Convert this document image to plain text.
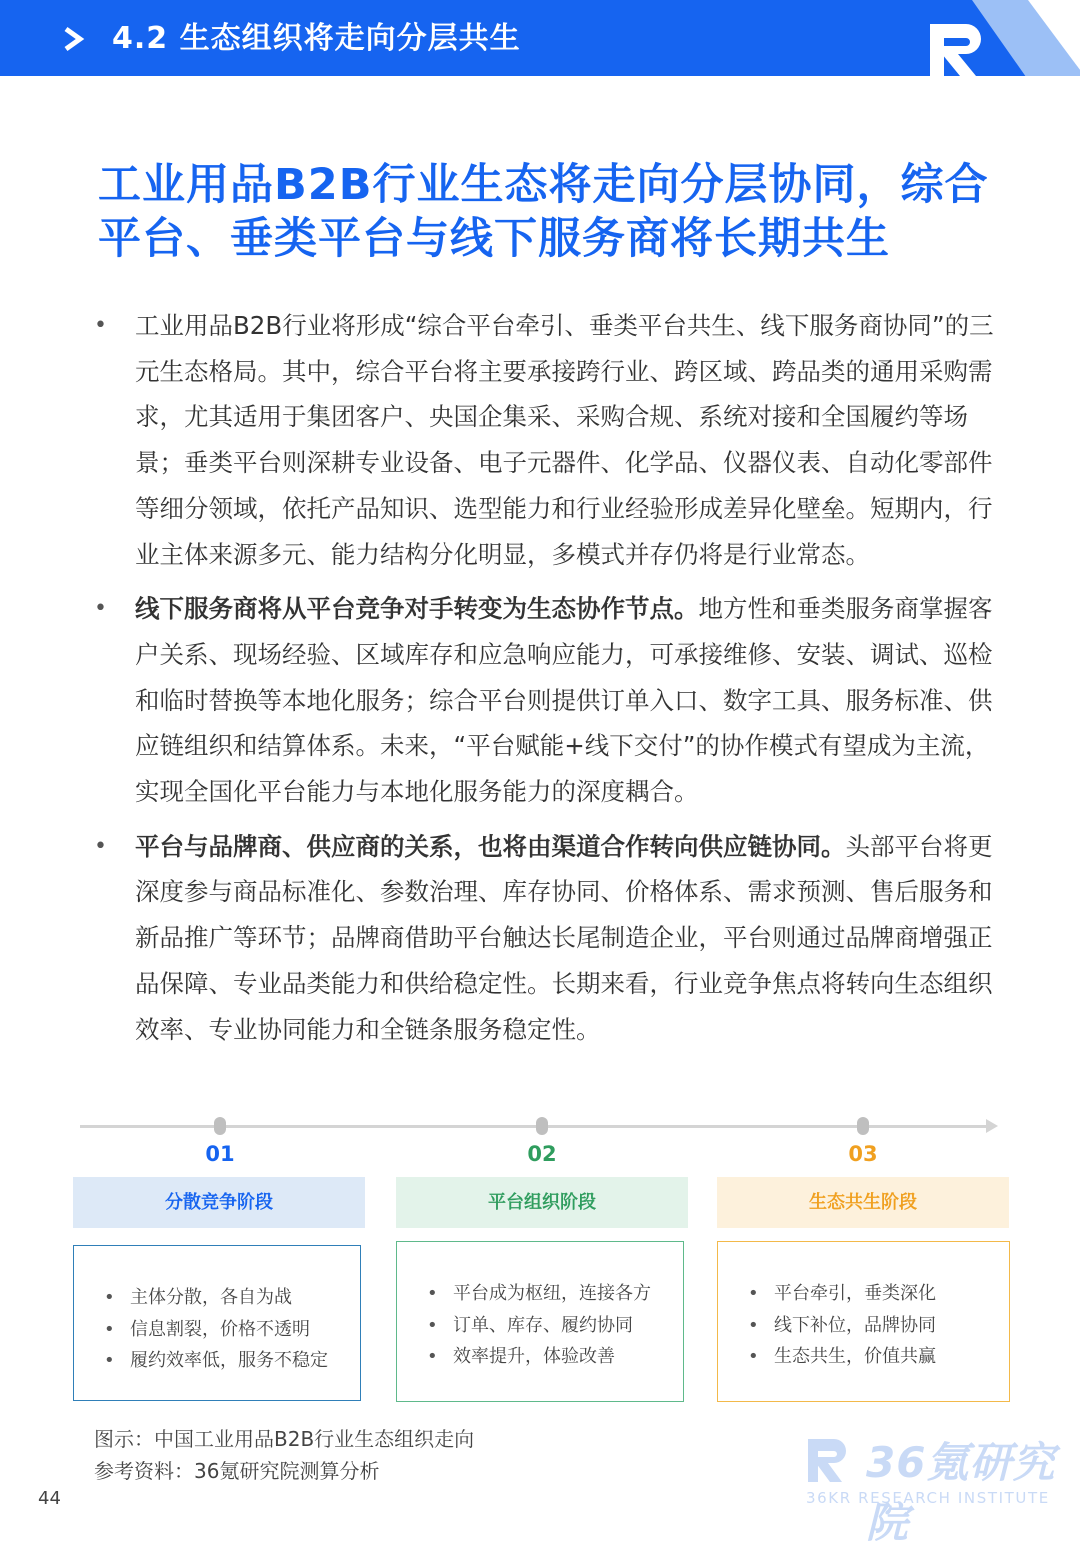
4.2 生态组织将走向分层共生
工业用品B2B行业生态将走向分层协同，综合
平台、垂类平台与线下服务商将长期共生
• 工业用品B2B行业将形成“综合平台牵引、垂类平台共生、线下服务商协同”的三元生态格局。其中，综合平台将主要承接跨行业、跨区域、跨品类的通用采购需求，尤其适用于集团客户、央国企集采、采购合规、系统对接和全国履约等场景；垂类平台则深耕专业设备、电子元器件、化学品、仪器仪表、自动化零部件等细分领域，依托产品知识、选型能力和行业经验形成差异化壁垒。短期内，行业主体来源多元、能力结构分化明显，多模式并存仍将是行业常态。
• 线下服务商将从平台竞争对手转变为生态协作节点。地方性和垂类服务商掌握客户关系、现场经验、区域库存和应急响应能力，可承接维修、安装、调试、巡检和临时替换等本地化服务；综合平台则提供订单入口、数字工具、服务标准、供应链组织和结算体系。未来，“平台赋能+线下交付”的协作模式有望成为主流，实现全国化平台能力与本地化服务能力的深度耦合。
• 平台与品牌商、供应商的关系，也将由渠道合作转向供应链协同。头部平台将更深度参与商品标准化、参数治理、库存协同、价格体系、需求预测、售后服务和新品推广等环节；品牌商借助平台触达长尾制造企业，平台则通过品牌商增强正品保障、专业品类能力和供给稳定性。长期来看，行业竞争焦点将转向生态组织效率、专业协同能力和全链条服务稳定性。
01
分散竞争阶段
• 主体分散，各自为战
• 信息割裂，价格不透明
• 履约效率低，服务不稳定
02
平台组织阶段
• 平台成为枢纽，连接各方
• 订单、库存、履约协同
• 效率提升，体验改善
03
生态共生阶段
• 平台牵引，垂类深化
• 线下补位，品牌协同
• 生态共生，价值共赢
图示：中国工业用品B2B行业生态组织走向
参考资料：36氪研究院测算分析
44
36氪研究院
36KR RESEARCH INSTITUTE
